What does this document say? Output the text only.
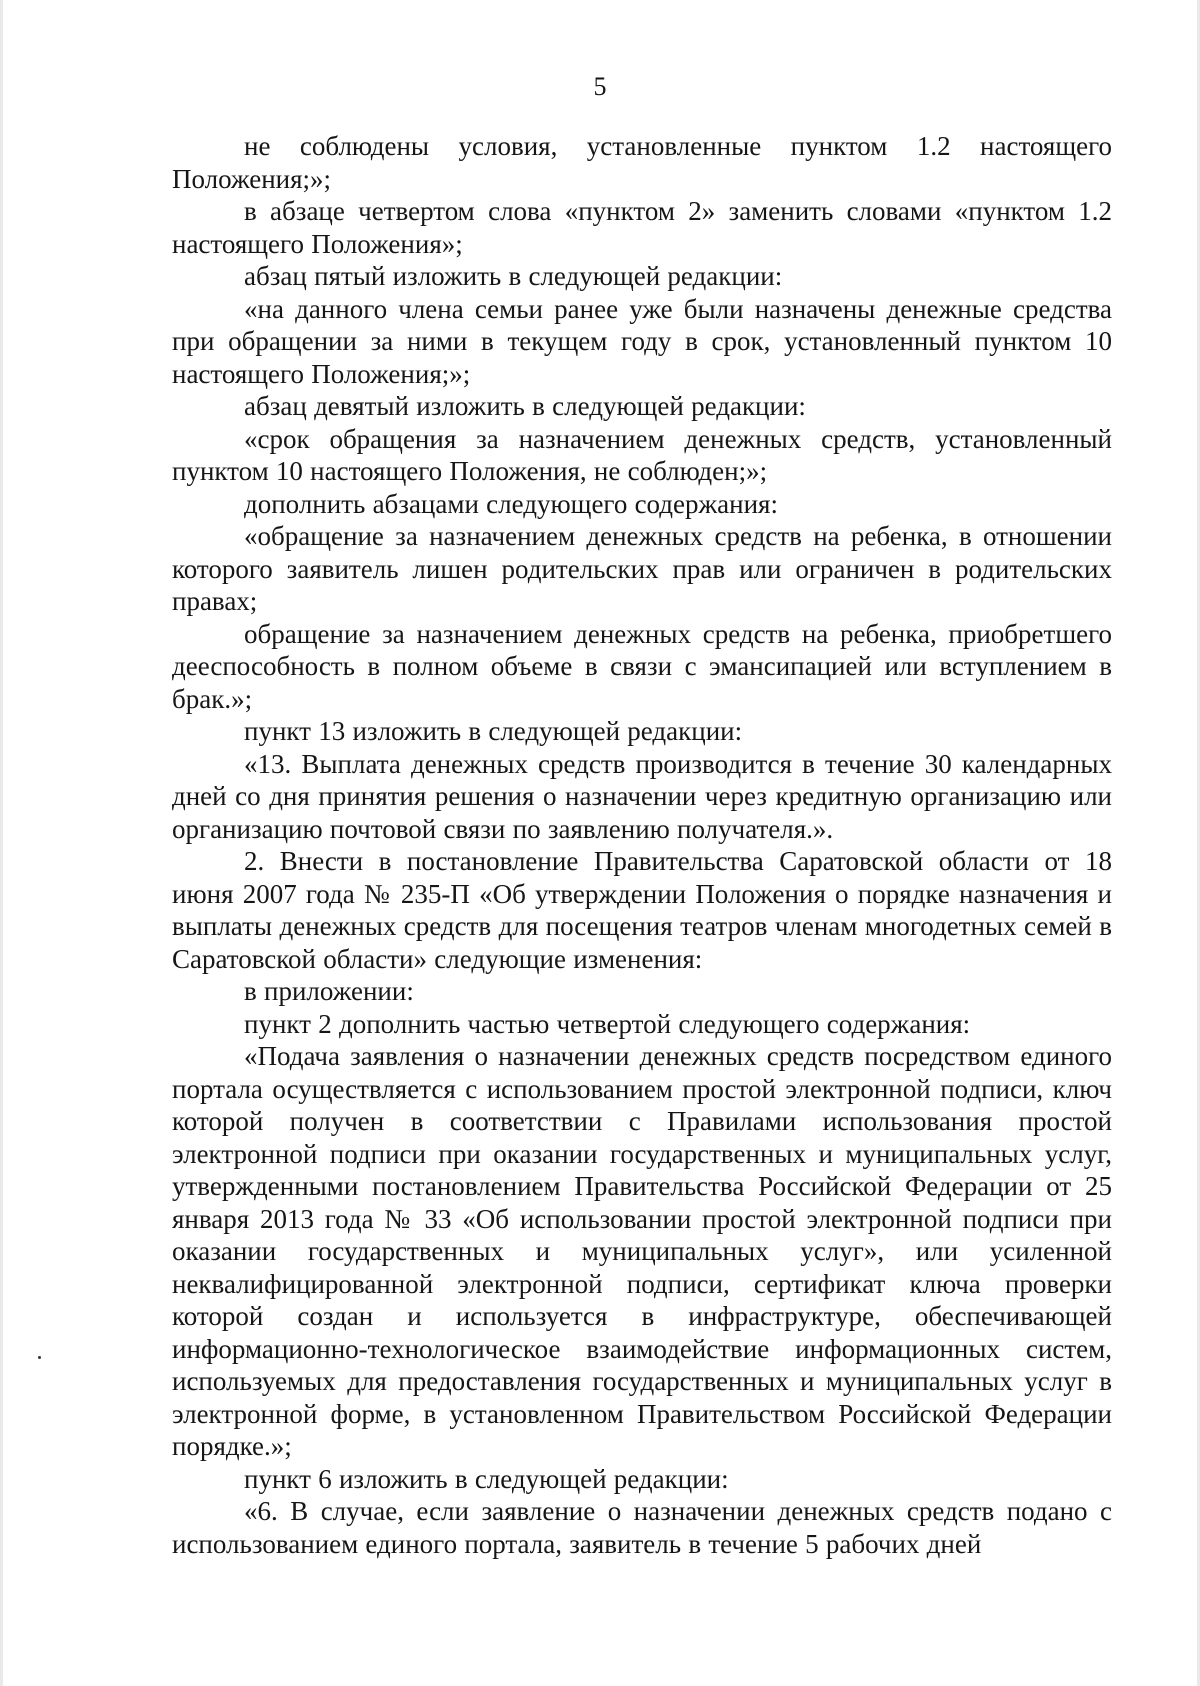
5

не соблюдены условия, установленные пунктом 1.2 настоящего Положения;»;

в абзаце четвертом слова «пунктом 2» заменить словами «пунктом 1.2 настоящего Положения»;

абзац пятый изложить в следующей редакции:

«на данного члена семьи ранее уже были назначены денежные средства при обращении за ними в текущем году в срок, установленный пунктом 10 настоящего Положения;»;

абзац девятый изложить в следующей редакции:

«срок обращения за назначением денежных средств, установленный пунктом 10 настоящего Положения, не соблюден;»;

дополнить абзацами следующего содержания:

«обращение за назначением денежных средств на ребенка, в отношении которого заявитель лишен родительских прав или ограничен в родительских правах;

обращение за назначением денежных средств на ребенка, приобретшего дееспособность в полном объеме в связи с эмансипацией или вступлением в брак.»;

пункт 13 изложить в следующей редакции:

«13. Выплата денежных средств производится в течение 30 календарных дней со дня принятия решения о назначении через кредитную организацию или организацию почтовой связи по заявлению получателя.».

2. Внести в постановление Правительства Саратовской области от 18 июня 2007 года № 235-П «Об утверждении Положения о порядке назначения и выплаты денежных средств для посещения театров членам многодетных семей в Саратовской области» следующие изменения:

в приложении:

пункт 2 дополнить частью четвертой следующего содержания:

«Подача заявления о назначении денежных средств посредством единого портала осуществляется с использованием простой электронной подписи, ключ которой получен в соответствии с Правилами использования простой электронной подписи при оказании государственных и муниципальных услуг, утвержденными постановлением Правительства Российской Федерации от 25 января 2013 года № 33 «Об использовании простой электронной подписи при оказании государственных и муниципальных услуг», или усиленной неквалифицированной электронной подписи, сертификат ключа проверки которой создан и используется в инфраструктуре, обеспечивающей информационно-технологическое взаимодействие информационных систем, используемых для предоставления государственных и муниципальных услуг в электронной форме, в установленном Правительством Российской Федерации порядке.»;

пункт 6 изложить в следующей редакции:

«6. В случае, если заявление о назначении денежных средств подано с использованием единого портала, заявитель в течение 5 рабочих дней
